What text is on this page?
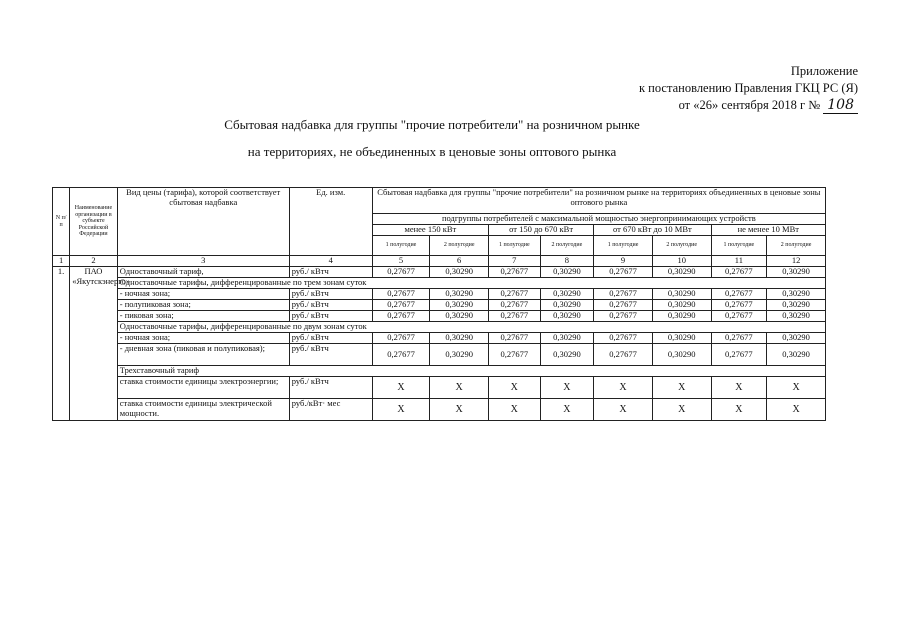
Приложение
к постановлению Правления ГКЦ РС (Я)
от «26» сентября 2018 г № 108
Сбытовая надбавка для группы "прочие потребители" на розничном рынке
на территориях, не объединенных в ценовые зоны оптового рынка
N п/п	Наименование организации в субъекте Российской Федерации	Вид цены (тарифа), которой соответствует сбытовая надбавка	Ед. изм.	Сбытовая надбавка для группы "прочие потребители" на розничном рынке на территориях объединенных в ценовые зоны оптового рынка							
				подгруппы потребителей с максимальной мощностью энергопринимающих устройств							
				менее 150 кВт		от 150 до 670 кВт		от 670 кВт до 10 МВт		не менее 10 МВт	
				1 полугодие	2 полугодие	1 полугодие	2 полугодие	1 полугодие	2 полугодие	1 полугодие	2 полугодие

1	2	3	4	5	6	7	8	9	10	11	12
1.	ПАО «Якутскэнерго»	Одноставочный тариф,	руб./ кВтч	0,27677	0,30290	0,27677	0,30290	0,27677	0,30290	0,27677	0,30290
		Одноставочные тарифы, дифференцированные по трем зонам суток									
		- ночная зона;	руб./ кВтч	0,27677	0,30290	0,27677	0,30290	0,27677	0,30290	0,27677	0,30290
		- полупиковая зона;	руб./ кВтч	0,27677	0,30290	0,27677	0,30290	0,27677	0,30290	0,27677	0,30290
		- пиковая зона;	руб./ кВтч	0,27677	0,30290	0,27677	0,30290	0,27677	0,30290	0,27677	0,30290
		Одноставочные тарифы, дифференцированные по двум зонам суток									
		- ночная зона;	руб./ кВтч	0,27677	0,30290	0,27677	0,30290	0,27677	0,30290	0,27677	0,30290
		- дневная зона (пиковая и полупиковая);	руб./ кВтч	0,27677	0,30290	0,27677	0,30290	0,27677	0,30290	0,27677	0,30290
		Трехставочный тариф									
		ставка стоимости единицы электроэнергии;	руб./ кВтч	X	X	X	X	X	X	X	X
		ставка стоимости единицы электрической мощности.	руб./кВт· мес	X	X	X	X	X	X	X	X
